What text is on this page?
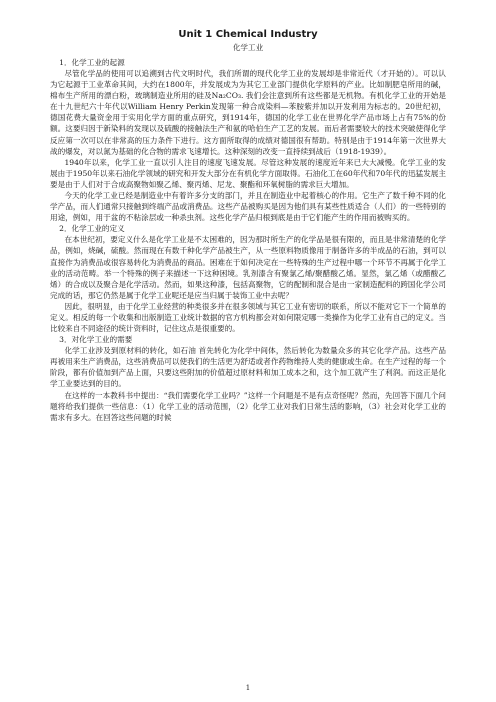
Unit 1 Chemical Industry
化学工业

1．化学工业的起源

尽管化学品的使用可以追溯到古代文明时代，我们所谓的现代化学工业的发展却是非常近代（才开始的）。可以认为它起源于工业革命其间，大约在1800年，并发展成为为其它工业部门提供化学原料的产业。比如制肥皂所用的碱，棉布生产所用的漂白粉，玻璃制造业所用的硅及Na₂CO₃. 我们会注意到所有这些都是无机物。有机化学工业的开始是在十九世纪六十年代以William Henry Perkin发现第一种合成染料—苯胺紫并加以开发利用为标志的。20世纪初，德国花费大量资金用于实用化学方面的重点研究，到1914年，德国的化学工业在世界化学产品市场上占有75%的份额。这要归因于新染料的发现以及硫酸的接触法生产和氨的哈伯生产工艺的发展。而后者需要较大的技术突破使得化学反应第一次可以在非常高的压力条件下进行。这方面所取得的成绩对德国很有帮助。特别是由于1914年第一次世界大战的爆发，对以氮为基础的化合物的需求飞速增长。这种深刻的改变一直持续到战后（1918-1939）。

1940年以来，化学工业一直以引人注目的速度飞速发展。尽管这种发展的速度近年来已大大减慢。化学工业的发展由于1950年以来石油化学领域的研究和开发大部分在有机化学方面取得。石油化工在60年代和70年代的迅猛发展主要是由于人们对于合成高聚物如聚乙烯、聚丙烯、尼龙、聚酯和环氧树脂的需求巨大增加。

今天的化学工业已经是制造业中有着许多分支的部门，并且在制造业中起着核心的作用。它生产了数千种不同的化学产品，而人们通常只接触到终端产品或消费品。这些产品被购买是因为他们具有某些性质适合（人们）的一些特别的用途，例如，用于盆的不粘涂层或一种杀虫剂。这些化学产品归根到底是由于它们能产生的作用而被购买的。

2．化学工业的定义

在本世纪初，要定义什么是化学工业是不太困难的，因为那时所生产的化学品是很有限的，而且是非常清楚的化学品，例如，烧碱，硫酸。然而现在有数千种化学产品被生产，从一些原料物质像用于制备许多的半成品的石油，到可以直接作为消费品或很容易转化为消费品的商品。困难在于如何决定在一些特殊的生产过程中哪一个环节不再属于化学工业的活动范畴。举一个特殊的例子来描述一下这种困境。乳剂漆含有聚氯乙烯/聚醋酸乙烯。显然，氯乙烯（或醋酸乙烯）的合成以及聚合是化学活动。然而，如果这种漆，包括高聚物，它的配制和混合是由一家制造配料的跨国化学公司完成的话，那它仍然是属于化学工业呢还是应当归属于装饰工业中去呢？

因此，很明显，由于化学工业经营的种类很多并在很多领域与其它工业有密切的联系，所以不能对它下一个简单的定义。相反的每一个收集和出版制造工业统计数据的官方机构都会对如何限定哪一类操作为化学工业有自己的定义。当比较来自不同途径的统计资料时，记住这点是很重要的。

3．对化学工业的需要

化学工业涉及到原材料的转化，如石油 首先转化为化学中间体，然后转化为数量众多的其它化学产品。这些产品再被用来生产消费品，这些消费品可以使我们的生活更为舒适或者作药物维持人类的健康或生命。在生产过程的每一个阶段，都有价值加到产品上面，只要这些附加的价值超过原材料和加工成本之和，这个加工就产生了利润。而这正是化学工业要达到的目的。

在这样的一本教科书中提出：“我们需要化学工业吗？”这样一个问题是不是有点奇怪呢？然而，先回答下面几个问题将给我们提供一些信息：（1）化学工业的活动范围，（2）化学工业对我们日常生活的影响，（3）社会对化学工业的需求有多大。在回答这些问题的时候

1
